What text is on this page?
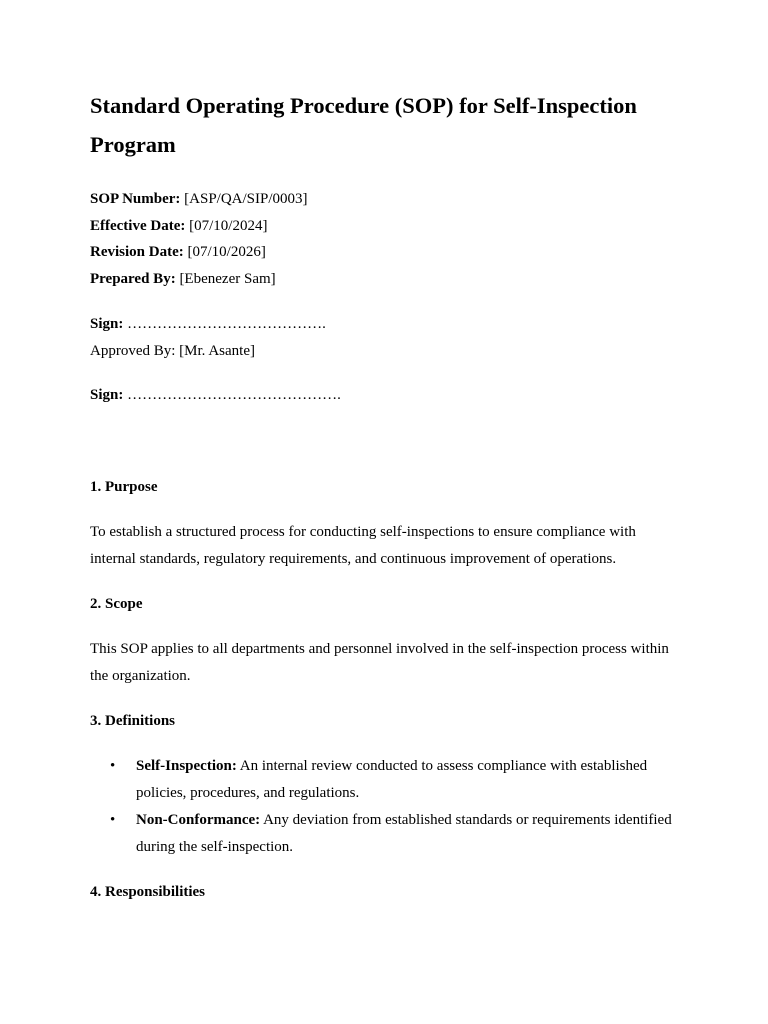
Standard Operating Procedure (SOP) for Self-Inspection Program

SOP Number: [ASP/QA/SIP/0003]

Effective Date: [07/10/2024]

Revision Date: [07/10/2026]

Prepared By: [Ebenezer Sam]

Sign: ………………………………….

Approved By: [Mr. Asante]

Sign: …………………………………….

1. Purpose

To establish a structured process for conducting self-inspections to ensure compliance with internal standards, regulatory requirements, and continuous improvement of operations.

2. Scope

This SOP applies to all departments and personnel involved in the self-inspection process within the organization.

3. Definitions
• Self-Inspection: An internal review conducted to assess compliance with established policies, procedures, and regulations.
• Non-Conformance: Any deviation from established standards or requirements identified during the self-inspection.
4. Responsibilities
